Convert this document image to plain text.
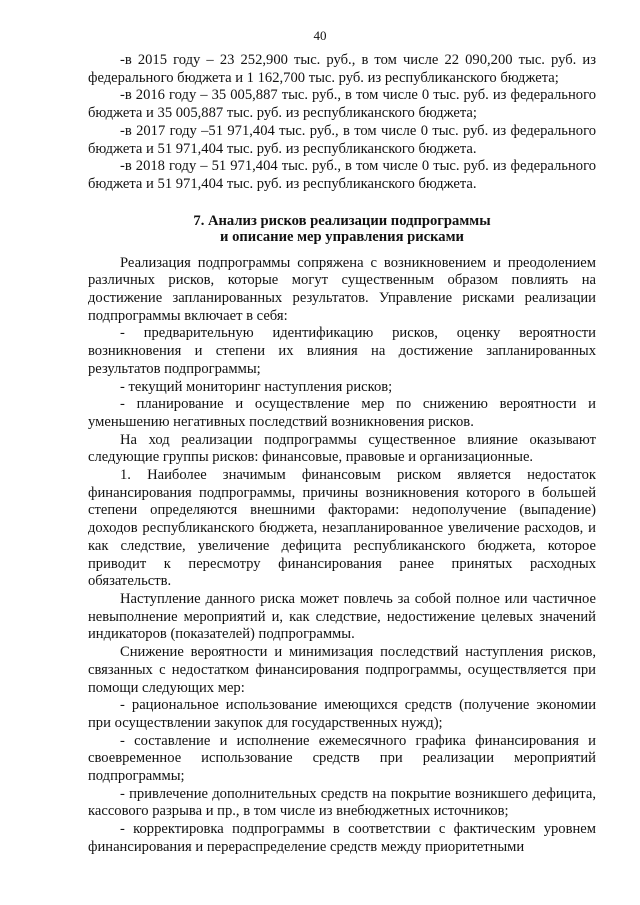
40

-в 2015 году – 23 252,900 тыс. руб., в том числе 22 090,200 тыс. руб. из федерального бюджета и 1 162,700 тыс. руб. из республиканского бюджета;

-в 2016 году – 35 005,887 тыс. руб., в том числе 0 тыс. руб. из федерального бюджета и 35 005,887 тыс. руб. из республиканского бюджета;

-в 2017 году –51 971,404 тыс. руб., в том числе 0 тыс. руб. из федерального бюджета и 51 971,404 тыс. руб. из республиканского бюджета.

-в 2018 году – 51 971,404 тыс. руб., в том числе 0 тыс. руб. из федерального бюджета и 51 971,404 тыс. руб. из республиканского бюджета.

7. Анализ рисков реализации подпрограммы
и описание мер управления рисками

Реализация подпрограммы сопряжена с возникновением и преодолением различных рисков, которые могут существенным образом повлиять на достижение запланированных результатов. Управление рисками реализации подпрограммы включает в себя:

- предварительную идентификацию рисков, оценку вероятности возникновения и степени их влияния на достижение запланированных результатов подпрограммы;

- текущий мониторинг наступления рисков;

- планирование и осуществление мер по снижению вероятности и уменьшению негативных последствий возникновения рисков.

На ход реализации подпрограммы существенное влияние оказывают следующие группы рисков: финансовые, правовые и организационные.

1. Наиболее значимым финансовым риском является недостаток финансирования подпрограммы, причины возникновения которого в большей степени определяются внешними факторами: недополучение (выпадение) доходов республиканского бюджета, незапланированное увеличение расходов, и как следствие, увеличение дефицита республиканского бюджета, которое приводит к пересмотру финансирования ранее принятых расходных обязательств.

Наступление данного риска может повлечь за собой полное или частичное невыполнение мероприятий и, как следствие, недостижение целевых значений индикаторов (показателей) подпрограммы.

Снижение вероятности и минимизация последствий наступления рисков, связанных с недостатком финансирования подпрограммы, осуществляется при помощи следующих мер:

- рациональное использование имеющихся средств (получение экономии при осуществлении закупок для государственных нужд);

- составление и исполнение ежемесячного графика финансирования и своевременное использование средств при реализации мероприятий подпрограммы;

- привлечение дополнительных средств на покрытие возникшего дефицита, кассового разрыва и пр., в том числе из внебюджетных источников;

- корректировка подпрограммы в соответствии с фактическим уровнем финансирования и перераспределение средств между приоритетными
